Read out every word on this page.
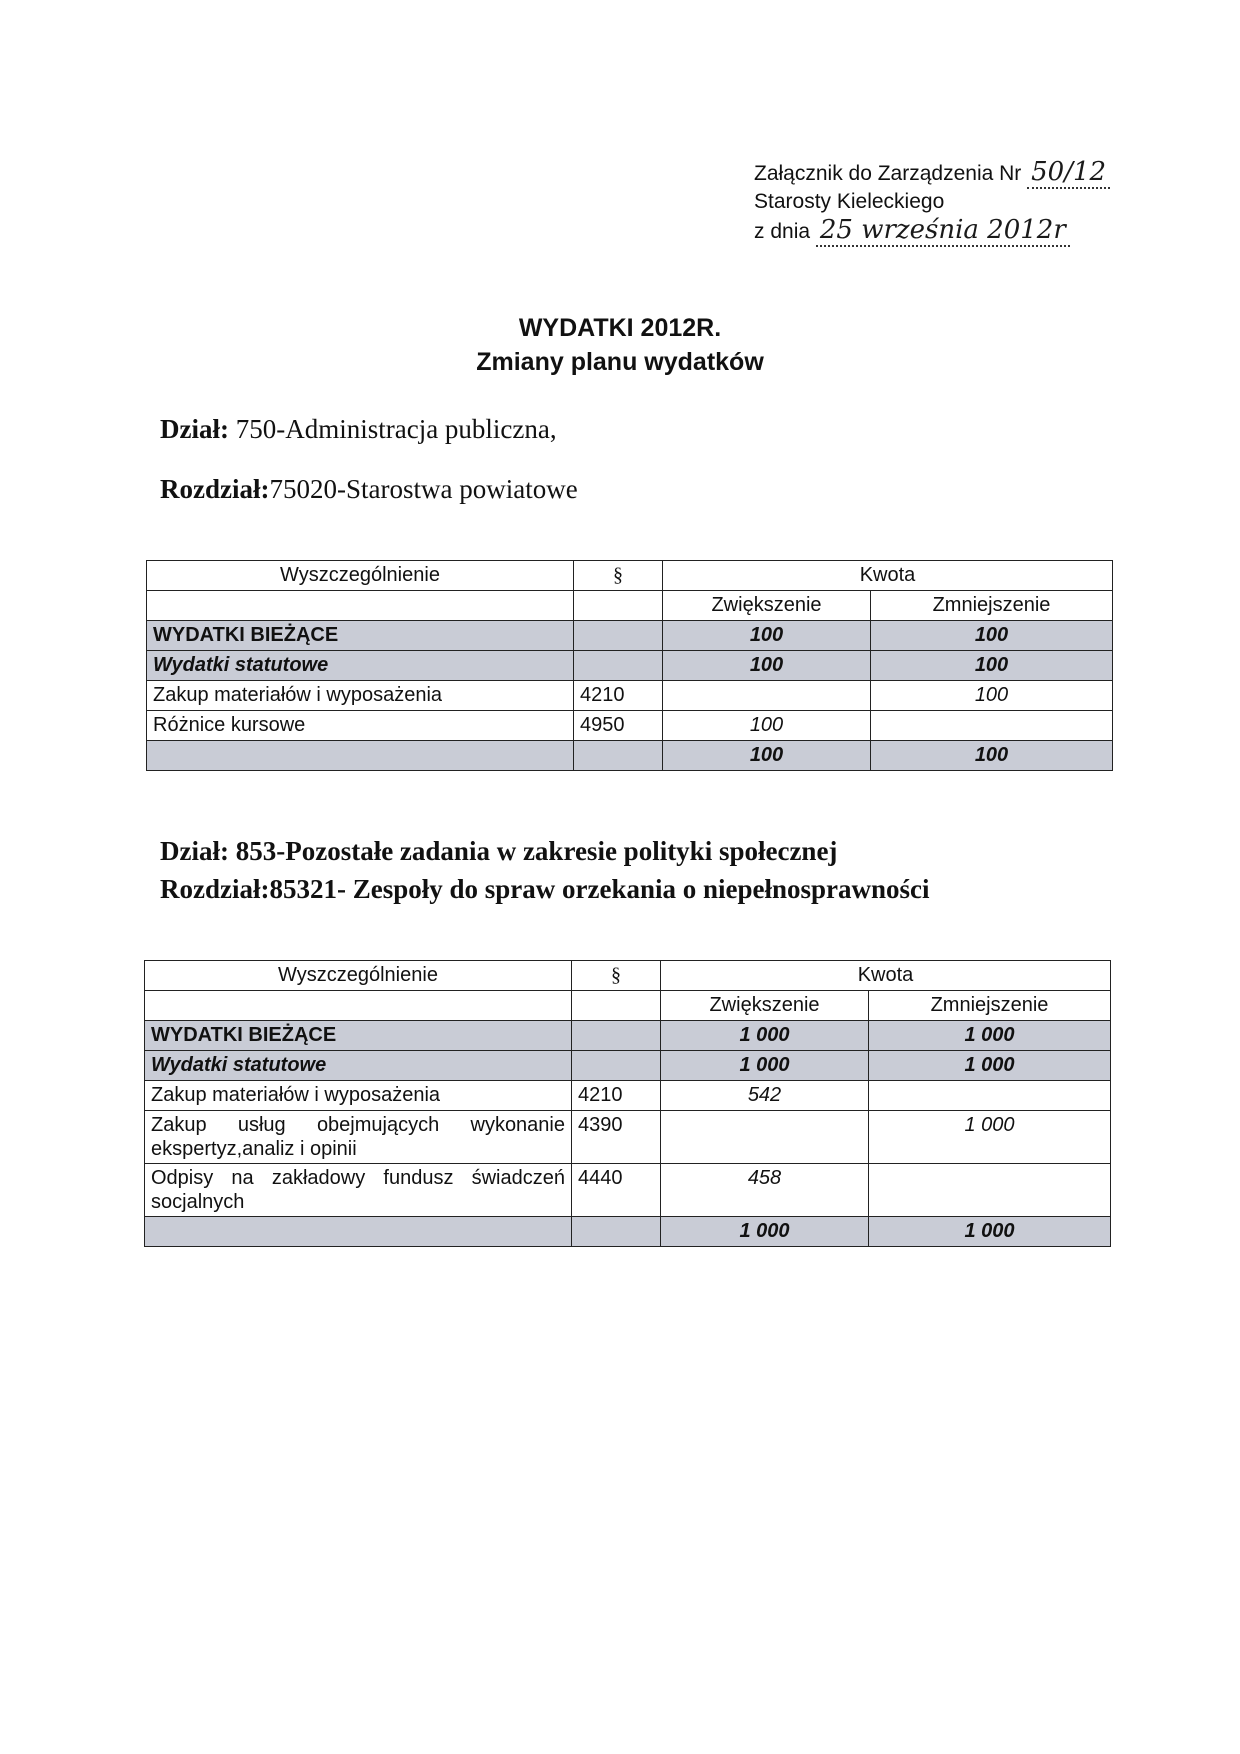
Załącznik do Zarządzenia Nr 50/12
Starosty Kieleckiego
z dnia 25 września 2012r
WYDATKI 2012R.
Zmiany planu wydatków
Dział: 750-Administracja publiczna,
Rozdział:75020-Starostwa powiatowe
Wyszczególnienie	§	Kwota	
		Zwiększenie	Zmniejszenie
WYDATKI BIEŻĄCE		100	100
Wydatki statutowe		100	100
Zakup materiałów i wyposażenia	4210		100
Różnice kursowe	4950	100	
		100	100
Dział: 853-Pozostałe zadania w zakresie polityki społecznej
Rozdział:85321- Zespoły do spraw orzekania o niepełnosprawności
Wyszczególnienie	§	Kwota	
		Zwiększenie	Zmniejszenie
WYDATKI BIEŻĄCE		1 000	1 000
Wydatki statutowe		1 000	1 000
Zakup materiałów i wyposażenia	4210	542	
Zakup usług obejmujących wykonanie ekspertyz,analiz i opinii	4390		1 000
Odpisy na zakładowy fundusz świadczeń socjalnych	4440	458	
		1 000	1 000
